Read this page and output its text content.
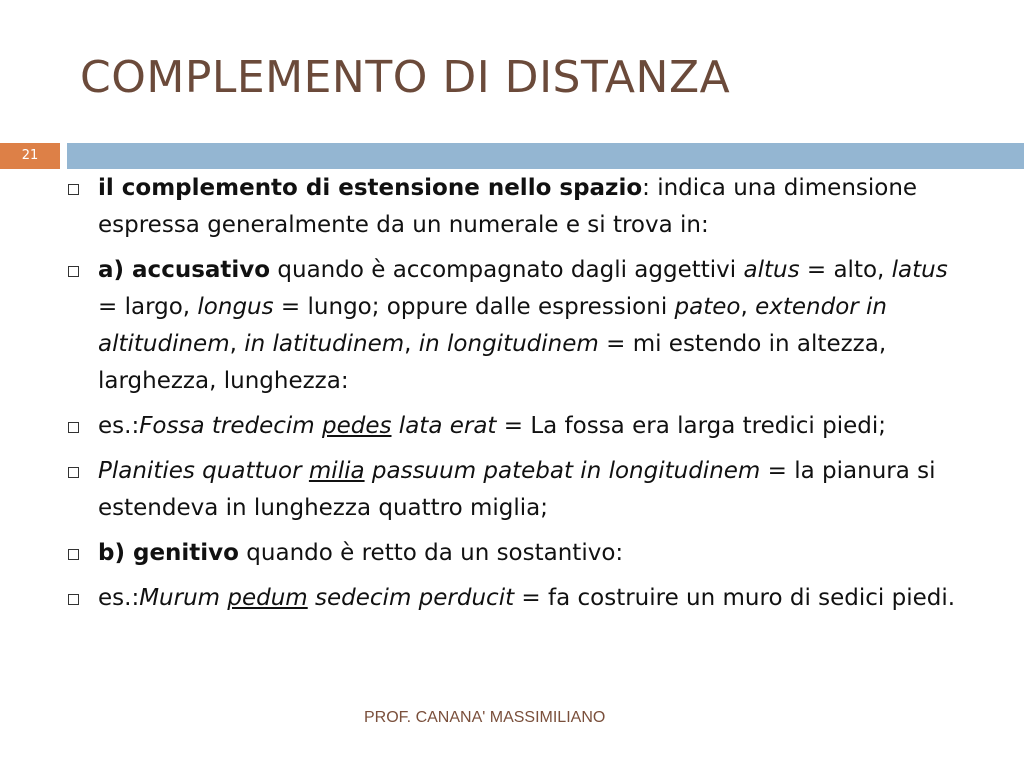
COMPLEMENTO DI DISTANZA
21
il complemento di estensione nello spazio: indica una dimensione espressa generalmente da un numerale e si trova in:
a) accusativo quando è accompagnato dagli aggettivi altus = alto, latus = largo, longus = lungo; oppure dalle espressioni pateo, extendor in altitudinem, in latitudinem, in longitudinem = mi estendo in altezza, larghezza, lunghezza:
es.:Fossa tredecim pedes lata erat = La fossa era larga tredici piedi;
Planities quattuor milia passuum patebat in longitudinem = la pianura si estendeva in lunghezza quattro miglia;
b) genitivo quando è retto da un sostantivo:
es.:Murum pedum sedecim perducit = fa costruire un muro di sedici piedi.
PROF. CANANA' MASSIMILIANO
